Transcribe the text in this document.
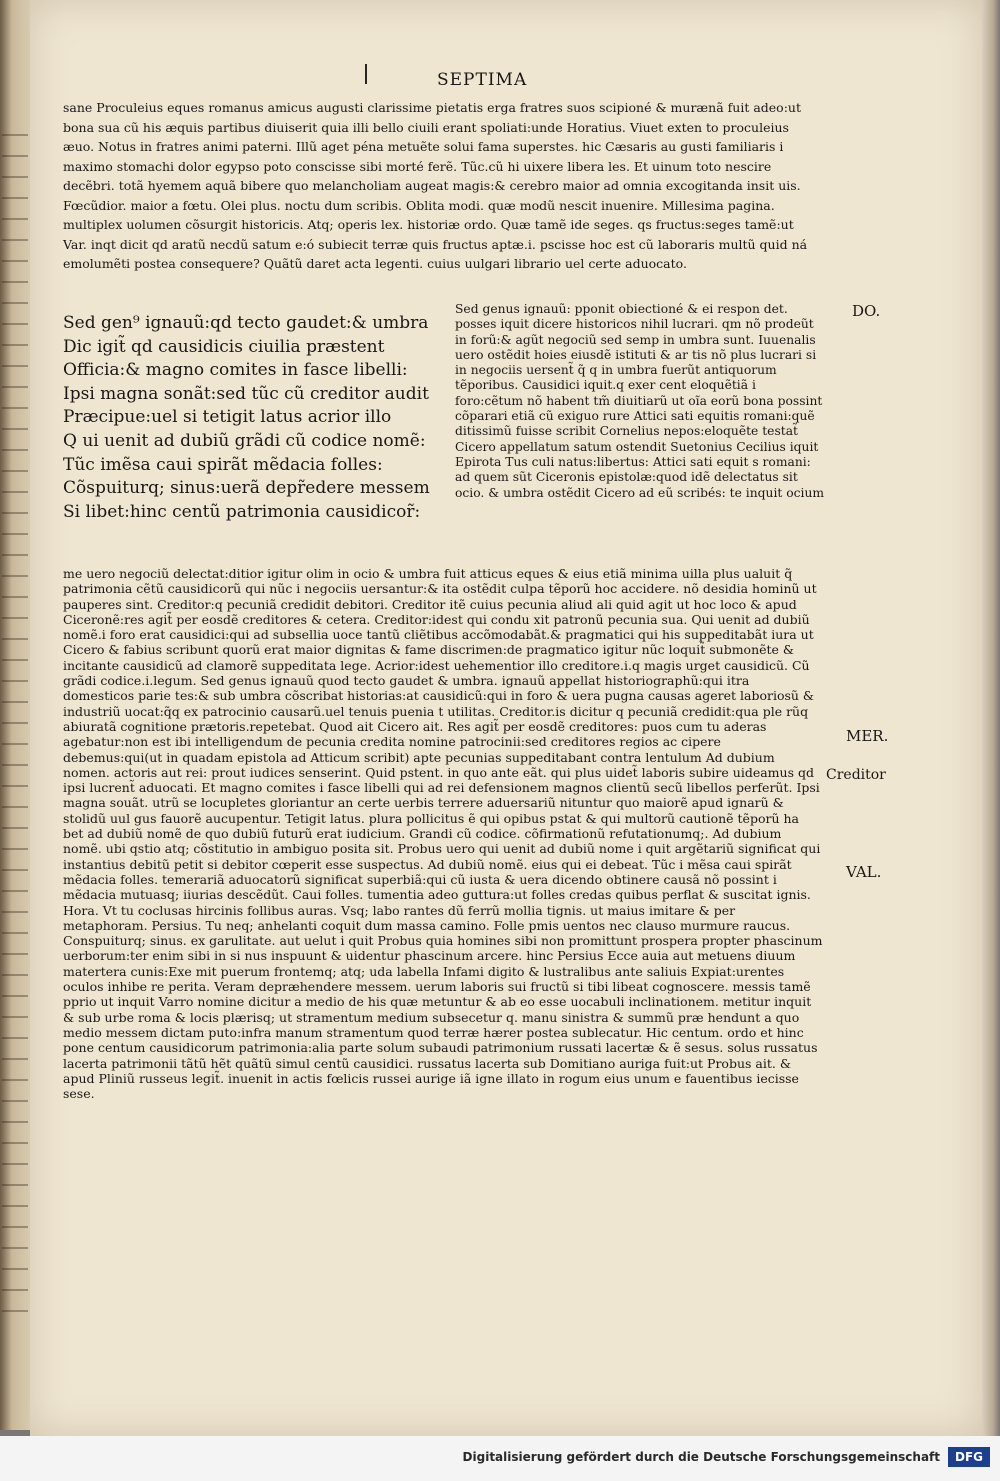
SEPTIMA

sane Proculeius eques romanus amicus augusti clarissime pietatis erga fratres suos scipioné & murænã fuit adeo:ut bona sua cũ his æquis partibus diuiserit quia illi bello ciuili erant spoliati:unde Horatius. Viuet exten to proculeius æuo. Notus in fratres animi paterni. Illũ aget péna metuẽte solui fama superstes. hic Cæsaris au gusti familiaris i maximo stomachi dolor egypso poto conscisse sibi morté ferẽ. Tũc.cũ hi uixere libera les. Et uinum toto nescire decẽbri. totã hyemem aquã bibere quo melancholiam augeat magis:& cerebro maior ad omnia excogitanda insit uis. Fœcũdior. maior a fœtu. Olei plus. noctu dum scribis. Oblita modi. quæ modũ nescit inuenire. Millesima pagina. multiplex uolumen cõsurgit historicis. Atq; operis lex. historiæ ordo. Quæ tamẽ ide seges. qs fructus:seges tamẽ:ut Var. inqt dicit qd aratũ necdũ satum e:ó subiecit terræ quis fructus aptæ.i. pscisse hoc est cũ laboraris multũ quid ná emolumẽti postea consequere? Quãtũ daret acta legenti. cuius uulgari librario uel certe aduocato.

Sed gen⁹ ignauũ:qd tecto gaudet:& umbra
Dic igit̃ qd causidicis ciuilia præstent
Officia:& magno comites in fasce libelli:
Ipsi magna sonãt:sed tũc cũ creditor audit
Præcipue:uel si tetigit latus acrior illo
Q ui uenit ad dubiũ grãdi cũ codice nomẽ:
Tũc imẽsa caui spirãt mẽdacia folles:
Cõspuiturq; sinus:uerã depr̃edere messem
Si libet:hinc centũ patrimonia causidicor̃:

Sed genus ignauũ: pponit obiectioné & ei respon det. posses iquit dicere historicos nihil lucrari. qm nõ prodeũt in forũ:& agũt negociũ sed semp in umbra sunt. Iuuenalis uero ostẽdit hoies eiusdẽ istituti & ar tis nõ plus lucrari si in negociis uersent̃ q̃ q in umbra fuerũt antiquorum tẽporibus. Causidici iquit.q exer cent eloquẽtiã i foro:cẽtum nõ habent tm̃ diuitiarũ ut oĩa eorũ bona possint cõparari etiã cũ exiguo rure Attici sati equitis romani:quẽ ditissimũ fuisse scribit Cornelius nepos:eloquẽte testat̃ Cicero appellatum satum ostendit Suetonius Cecilius iquit Epirota Tus culi natus:libertus: Attici sati equit s romani: ad quem sũt Ciceronis epistolæ:quod idẽ delectatus sit ocio. & umbra ostẽdit Cicero ad eũ scribés: te inquit ocium

me uero negociũ delectat:ditior igitur olim in ocio & umbra fuit atticus eques & eius etiã minima uilla plus ualuit q̃ patrimonia cẽtũ causidicorũ qui nũc i negociis uersantur:& ita ostẽdit culpa tẽporũ hoc accidere. nõ desidia hominũ ut pauperes sint. Creditor:q pecuniã credidit debitori. Creditor itẽ cuius pecunia aliud ali quid agit ut hoc loco & apud Ciceronẽ:res agit̃ per eosdẽ creditores & cetera. Creditor:idest qui condu xit patronũ pecunia sua. Qui uenit ad dubiũ nomẽ.i foro erat causidici:qui ad subsellia uoce tantũ cliẽtibus accõmodabãt.& pragmatici qui his suppeditabãt iura ut Cicero & fabius scribunt quorũ erat maior dignitas & fame discrimen:de pragmatico igitur nũc loquit̃ submonẽte & incitante causidicũ ad clamorẽ suppeditata lege. Acrior:idest uehementior illo creditore.i.q magis urget causidicũ. Cũ grãdi codice.i.legum. Sed genus ignauũ quod tecto gaudet & umbra. ignauũ appellat historiographũ:qui itra domesticos parie tes:& sub umbra cõscribat historias:at causidicũ:qui in foro & uera pugna causas ageret laboriosũ & industriũ uocat:q̃q ex patrocinio causarũ.uel tenuis puenia t utilitas. Creditor.is dicitur q pecuniã credidit:qua ple rũq abiuratã cognitione prætoris.repetebat. Quod ait Cicero ait. Res agit̃ per eosdẽ creditores: puos cum tu aderas agebatur:non est ibi intelligendum de pecunia credita nomine patrocinii:sed creditores regios ac cipere debemus:qui(ut in quadam epistola ad Atticum scribit) apte pecunias suppeditabant contra lentulum Ad dubium nomen. actoris aut rei: prout iudices senserint. Quid pstent. in quo ante eãt. qui plus uidet̃ laboris subire uideamus qd ipsi lucrent̃ aduocati. Et magno comites i fasce libelli qui ad rei defensionem magnos clientũ secũ libellos perferũt. Ipsi magna souãt. utrũ se locupletes gloriantur an certe uerbis terrere aduersariũ nituntur quo maiorẽ apud ignarũ & stolidũ uul gus fauorẽ aucupentur. Tetigit latus. plura pollicitus ẽ qui opibus pstat & qui multorũ cautionẽ tẽporũ ha bet ad dubiũ nomẽ de quo dubiũ futurũ erat iudicium. Grandi cũ codice. cõfirmationũ refutationumq;. Ad dubium nomẽ. ubi qstio atq; cõstitutio in ambiguo posita sit. Probus uero qui uenit ad dubiũ nome i quit argẽtariũ significat qui instantius debitũ petit si debitor cœperit esse suspectus. Ad dubiũ nomẽ. eius qui ei debeat. Tũc i mẽsa caui spirãt mẽdacia folles. temerariã aduocatorũ significat superbiã:qui cũ iusta & uera dicendo obtinere causã nõ possint i mẽdacia mutuasq; iiurias descẽdũt. Caui folles. tumentia adeo guttura:ut folles credas quibus perflat & suscitat ignis. Hora. Vt tu coclusas hircinis follibus auras. Vsq; labo rantes dũ ferrũ mollia tignis. ut maius imitare & per metaphoram. Persius. Tu neq; anhelanti coquit dum massa camino. Folle pmis uentos nec clauso murmure raucus. Conspuiturq; sinus. ex garulitate. aut uelut i quit Probus quia homines sibi non promittunt prospera propter phascinum uerborum:ter enim sibi in si nus inspuunt & uidentur phascinum arcere. hinc Persius Ecce auia aut metuens diuum matertera cunis:Exe mit puerum frontemq; atq; uda labella Infami digito & lustralibus ante saliuis Expiat:urentes oculos inhibe re perita. Veram depræhendere messem. uerum laboris sui fructũ si tibi libeat cognoscere. messis tamẽ pprio ut inquit Varro nomine dicitur a medio de his quæ metuntur & ab eo esse uocabuli inclinationem. metitur inquit & sub urbe roma & locis plærisq; ut stramentum medium subsecetur q. manu sinistra & summũ præ hendunt a quo medio messem dictam puto:infra manum stramentum quod terræ hærer postea sublecatur. Hic centum. ordo et hinc pone centum causidicorum patrimonia:alia parte solum subaudi patrimonium russati lacertæ & ẽ sesus. solus russatus lacerta patrimonii tãtũ hẽt quãtũ simul centũ causidici. russatus lacerta sub Domitiano auriga fuit:ut Probus ait. & apud Pliniũ russeus legit̃. inuenit in actis fœlicis russei aurige iã igne illato in rogum eius unum e fauentibus iecisse sese.

DO.
MER.
Creditor
VAL.
Digitalisierung gefördert durch die Deutsche Forschungsgemeinschaft	DFG
